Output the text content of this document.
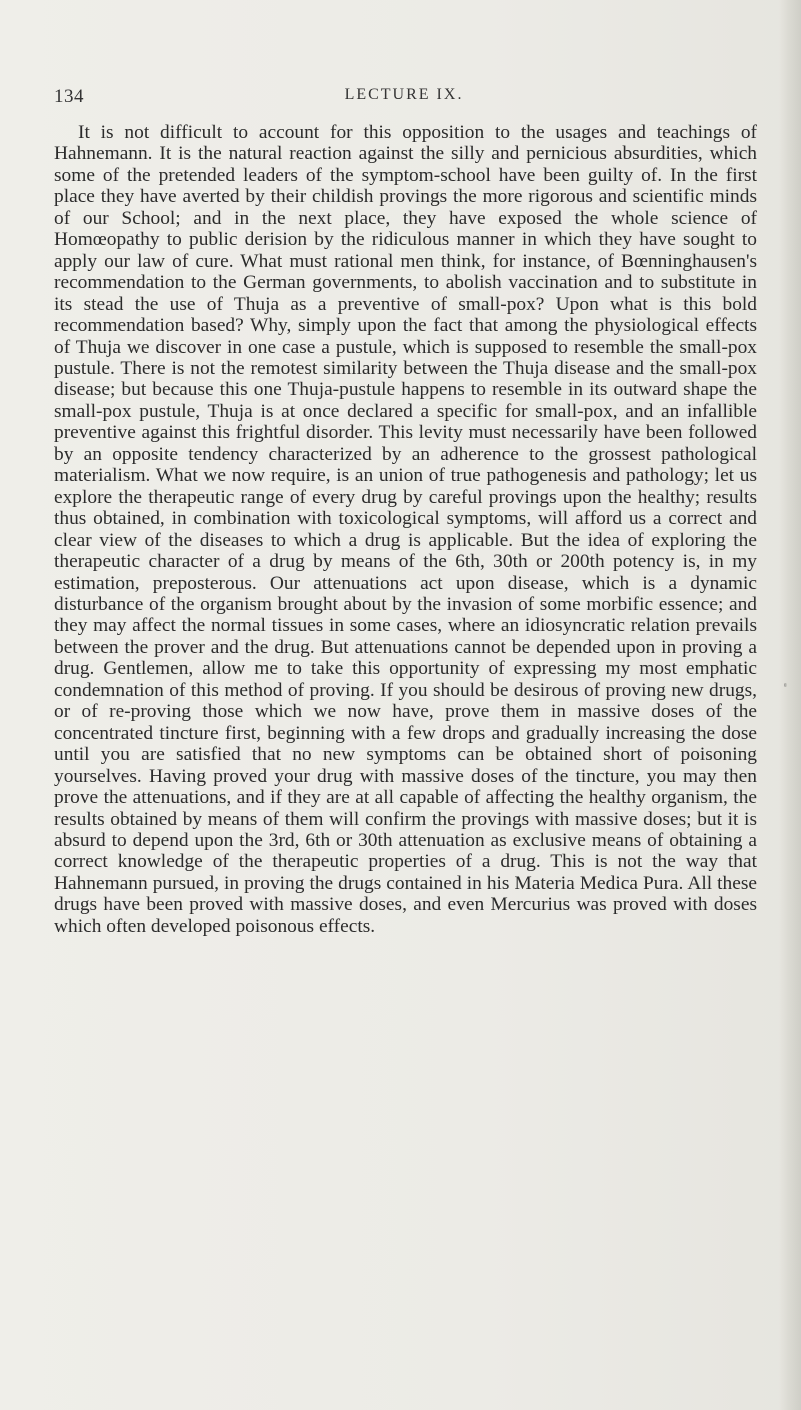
134	LECTURE IX.

It is not difficult to account for this opposition to the usages and teachings of Hahnemann. It is the natural reaction against the silly and pernicious absurdities, which some of the pretended leaders of the symptom-school have been guilty of. In the first place they have averted by their childish provings the more rigorous and scientific minds of our School; and in the next place, they have exposed the whole science of Homœopathy to public derision by the ridiculous manner in which they have sought to apply our law of cure. What must rational men think, for instance, of Bœnninghausen's recommendation to the German governments, to abolish vaccination and to substitute in its stead the use of Thuja as a preventive of small-pox? Upon what is this bold recommendation based? Why, simply upon the fact that among the physiological effects of Thuja we discover in one case a pustule, which is supposed to resemble the small-pox pustule. There is not the remotest similarity between the Thuja disease and the small-pox disease; but because this one Thuja-pustule happens to resemble in its outward shape the small-pox pustule, Thuja is at once declared a specific for small-pox, and an infallible preventive against this frightful disorder. This levity must necessarily have been followed by an opposite tendency characterized by an adherence to the grossest pathological materialism. What we now require, is an union of true pathogenesis and pathology; let us explore the therapeutic range of every drug by careful provings upon the healthy; results thus obtained, in combination with toxicological symptoms, will afford us a correct and clear view of the diseases to which a drug is applicable. But the idea of exploring the therapeutic character of a drug by means of the 6th, 30th or 200th potency is, in my estimation, preposterous. Our attenuations act upon disease, which is a dynamic disturbance of the organism brought about by the invasion of some morbific essence; and they may affect the normal tissues in some cases, where an idiosyncratic relation prevails between the prover and the drug. But attenuations cannot be depended upon in proving a drug. Gentlemen, allow me to take this opportunity of expressing my most emphatic condemnation of this method of proving. If you should be desirous of proving new drugs, or of re-proving those which we now have, prove them in massive doses of the concentrated tincture first, beginning with a few drops and gradually increasing the dose until you are satisfied that no new symptoms can be obtained short of poisoning yourselves. Having proved your drug with massive doses of the tincture, you may then prove the attenuations, and if they are at all capable of affecting the healthy organism, the results obtained by means of them will confirm the provings with massive doses; but it is absurd to depend upon the 3rd, 6th or 30th attenuation as exclusive means of obtaining a correct knowledge of the therapeutic properties of a drug. This is not the way that Hahnemann pursued, in proving the drugs contained in his Materia Medica Pura. All these drugs have been proved with massive doses, and even Mercurius was proved with doses which often developed poisonous effects.
